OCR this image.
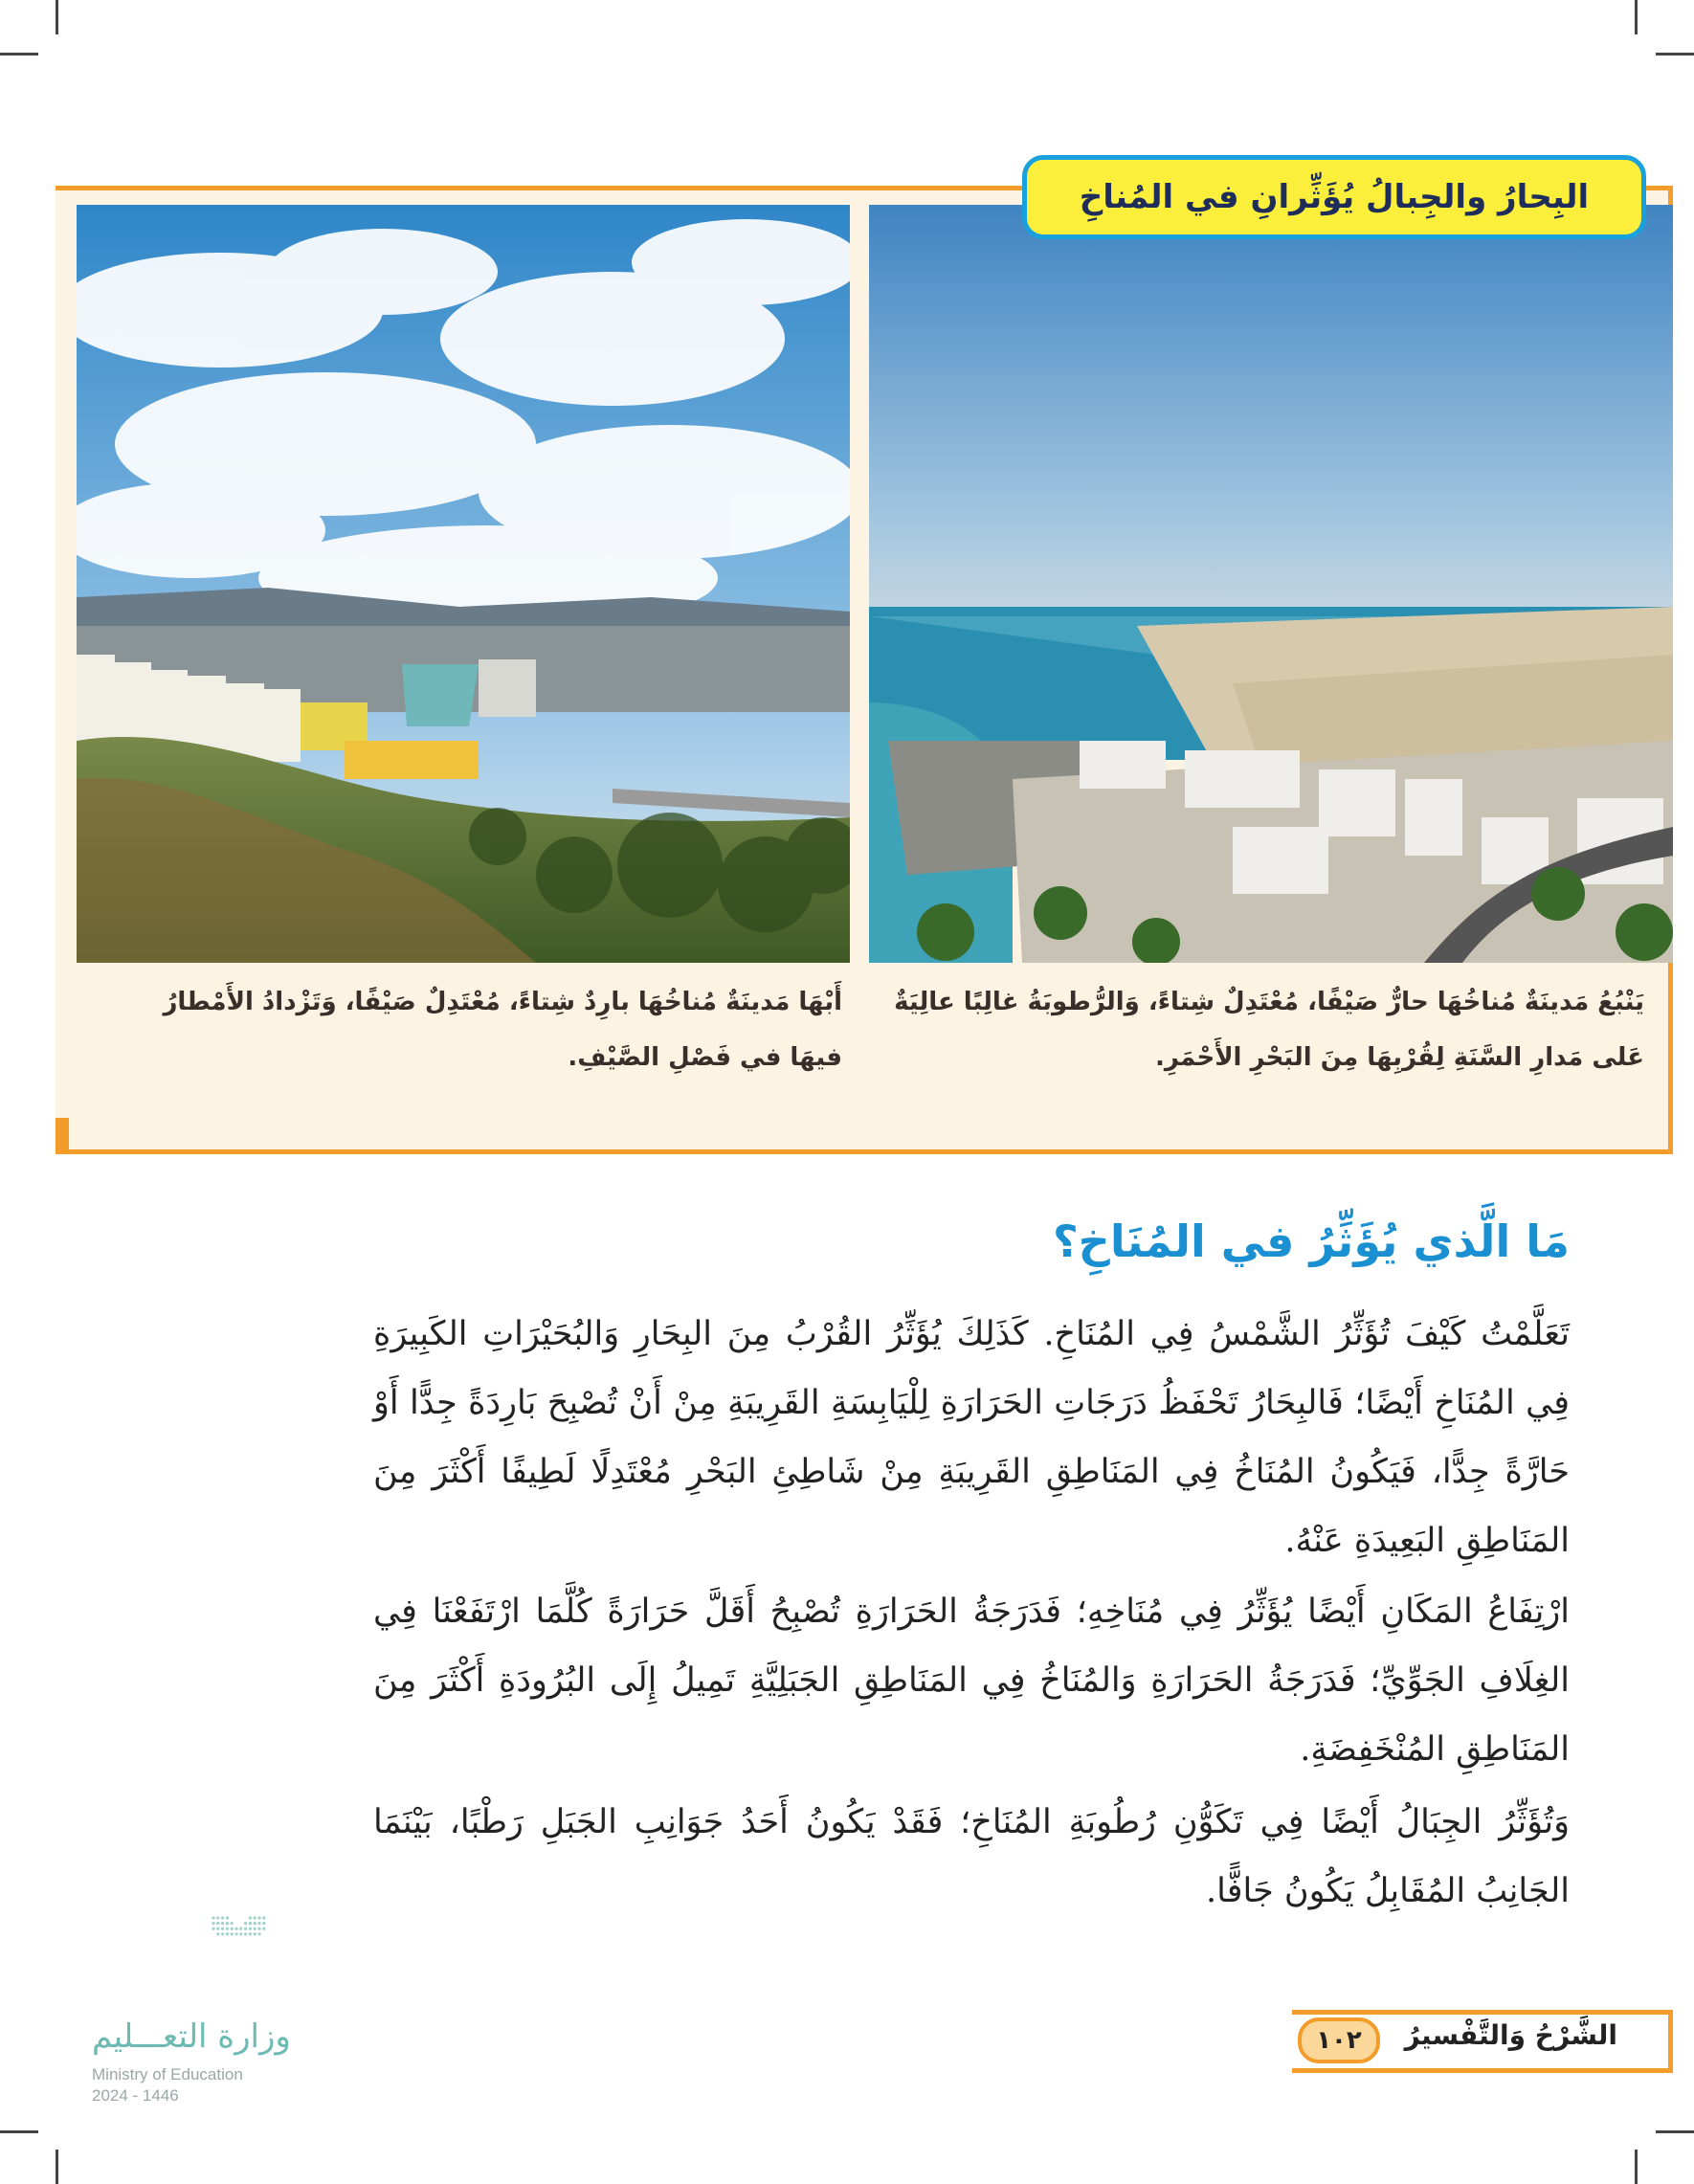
البِحارُ والجِبالُ يُؤَثِّرانِ في المُناخِ
أَبْهَا مَدينَةٌ مُناخُهَا بارِدٌ شِتاءً، مُعْتَدِلٌ صَيْفًا، وَتَزْدادُ الأَمْطارُ فيهَا في فَصْلِ الصَّيْفِ.
يَنْبُعُ مَدينَةٌ مُناخُهَا حارٌّ صَيْفًا، مُعْتَدِلٌ شِتاءً، وَالرُّطوبَةُ غالِبًا عالِيَةٌ عَلى مَدارِ السَّنَةِ لِقُرْبِهَا مِنَ البَحْرِ الأَحْمَرِ.
مَا الَّذي يُؤَثِّرُ في المُنَاخِ؟

تَعَلَّمْتُ كَيْفَ تُؤَثِّرُ الشَّمْسُ فِي المُنَاخِ. كَذَلِكَ يُؤَثِّرُ القُرْبُ مِنَ البِحَارِ وَالبُحَيْرَاتِ الكَبِيرَةِ فِي المُنَاخِ أَيْضًا؛ فَالبِحَارُ تَحْفَظُ دَرَجَاتِ الحَرَارَةِ لِلْيَابِسَةِ القَرِيبَةِ مِنْ أَنْ تُصْبِحَ بَارِدَةً جِدًّا أَوْ حَارَّةً جِدًّا، فَيَكُونُ المُنَاخُ فِي المَنَاطِقِ القَرِيبَةِ مِنْ شَاطِئِ البَحْرِ مُعْتَدِلًا لَطِيفًا أَكْثَرَ مِنَ المَنَاطِقِ البَعِيدَةِ عَنْهُ.

ارْتِفَاعُ المَكَانِ أَيْضًا يُؤَثِّرُ فِي مُنَاخِهِ؛ فَدَرَجَةُ الحَرَارَةِ تُصْبِحُ أَقَلَّ حَرَارَةً كُلَّمَا ارْتَفَعْنَا فِي الغِلَافِ الجَوِّيِّ؛ فَدَرَجَةُ الحَرَارَةِ وَالمُنَاخُ فِي المَنَاطِقِ الجَبَلِيَّةِ تَمِيلُ إِلَى البُرُودَةِ أَكْثَرَ مِنَ المَنَاطِقِ المُنْخَفِضَةِ.

وَتُؤَثِّرُ الجِبَالُ أَيْضًا فِي تَكَوُّنِ رُطُوبَةِ المُنَاخِ؛ فَقَدْ يَكُونُ أَحَدُ جَوَانِبِ الجَبَلِ رَطْبًا، بَيْنَمَا الجَانِبُ المُقَابِلُ يَكُونُ جَافًّا.

وزارة التعـــليم
Ministry of Education
2024 - 1446
الشَّرْحُ وَالتَّفْسيرُ
١٠٢
